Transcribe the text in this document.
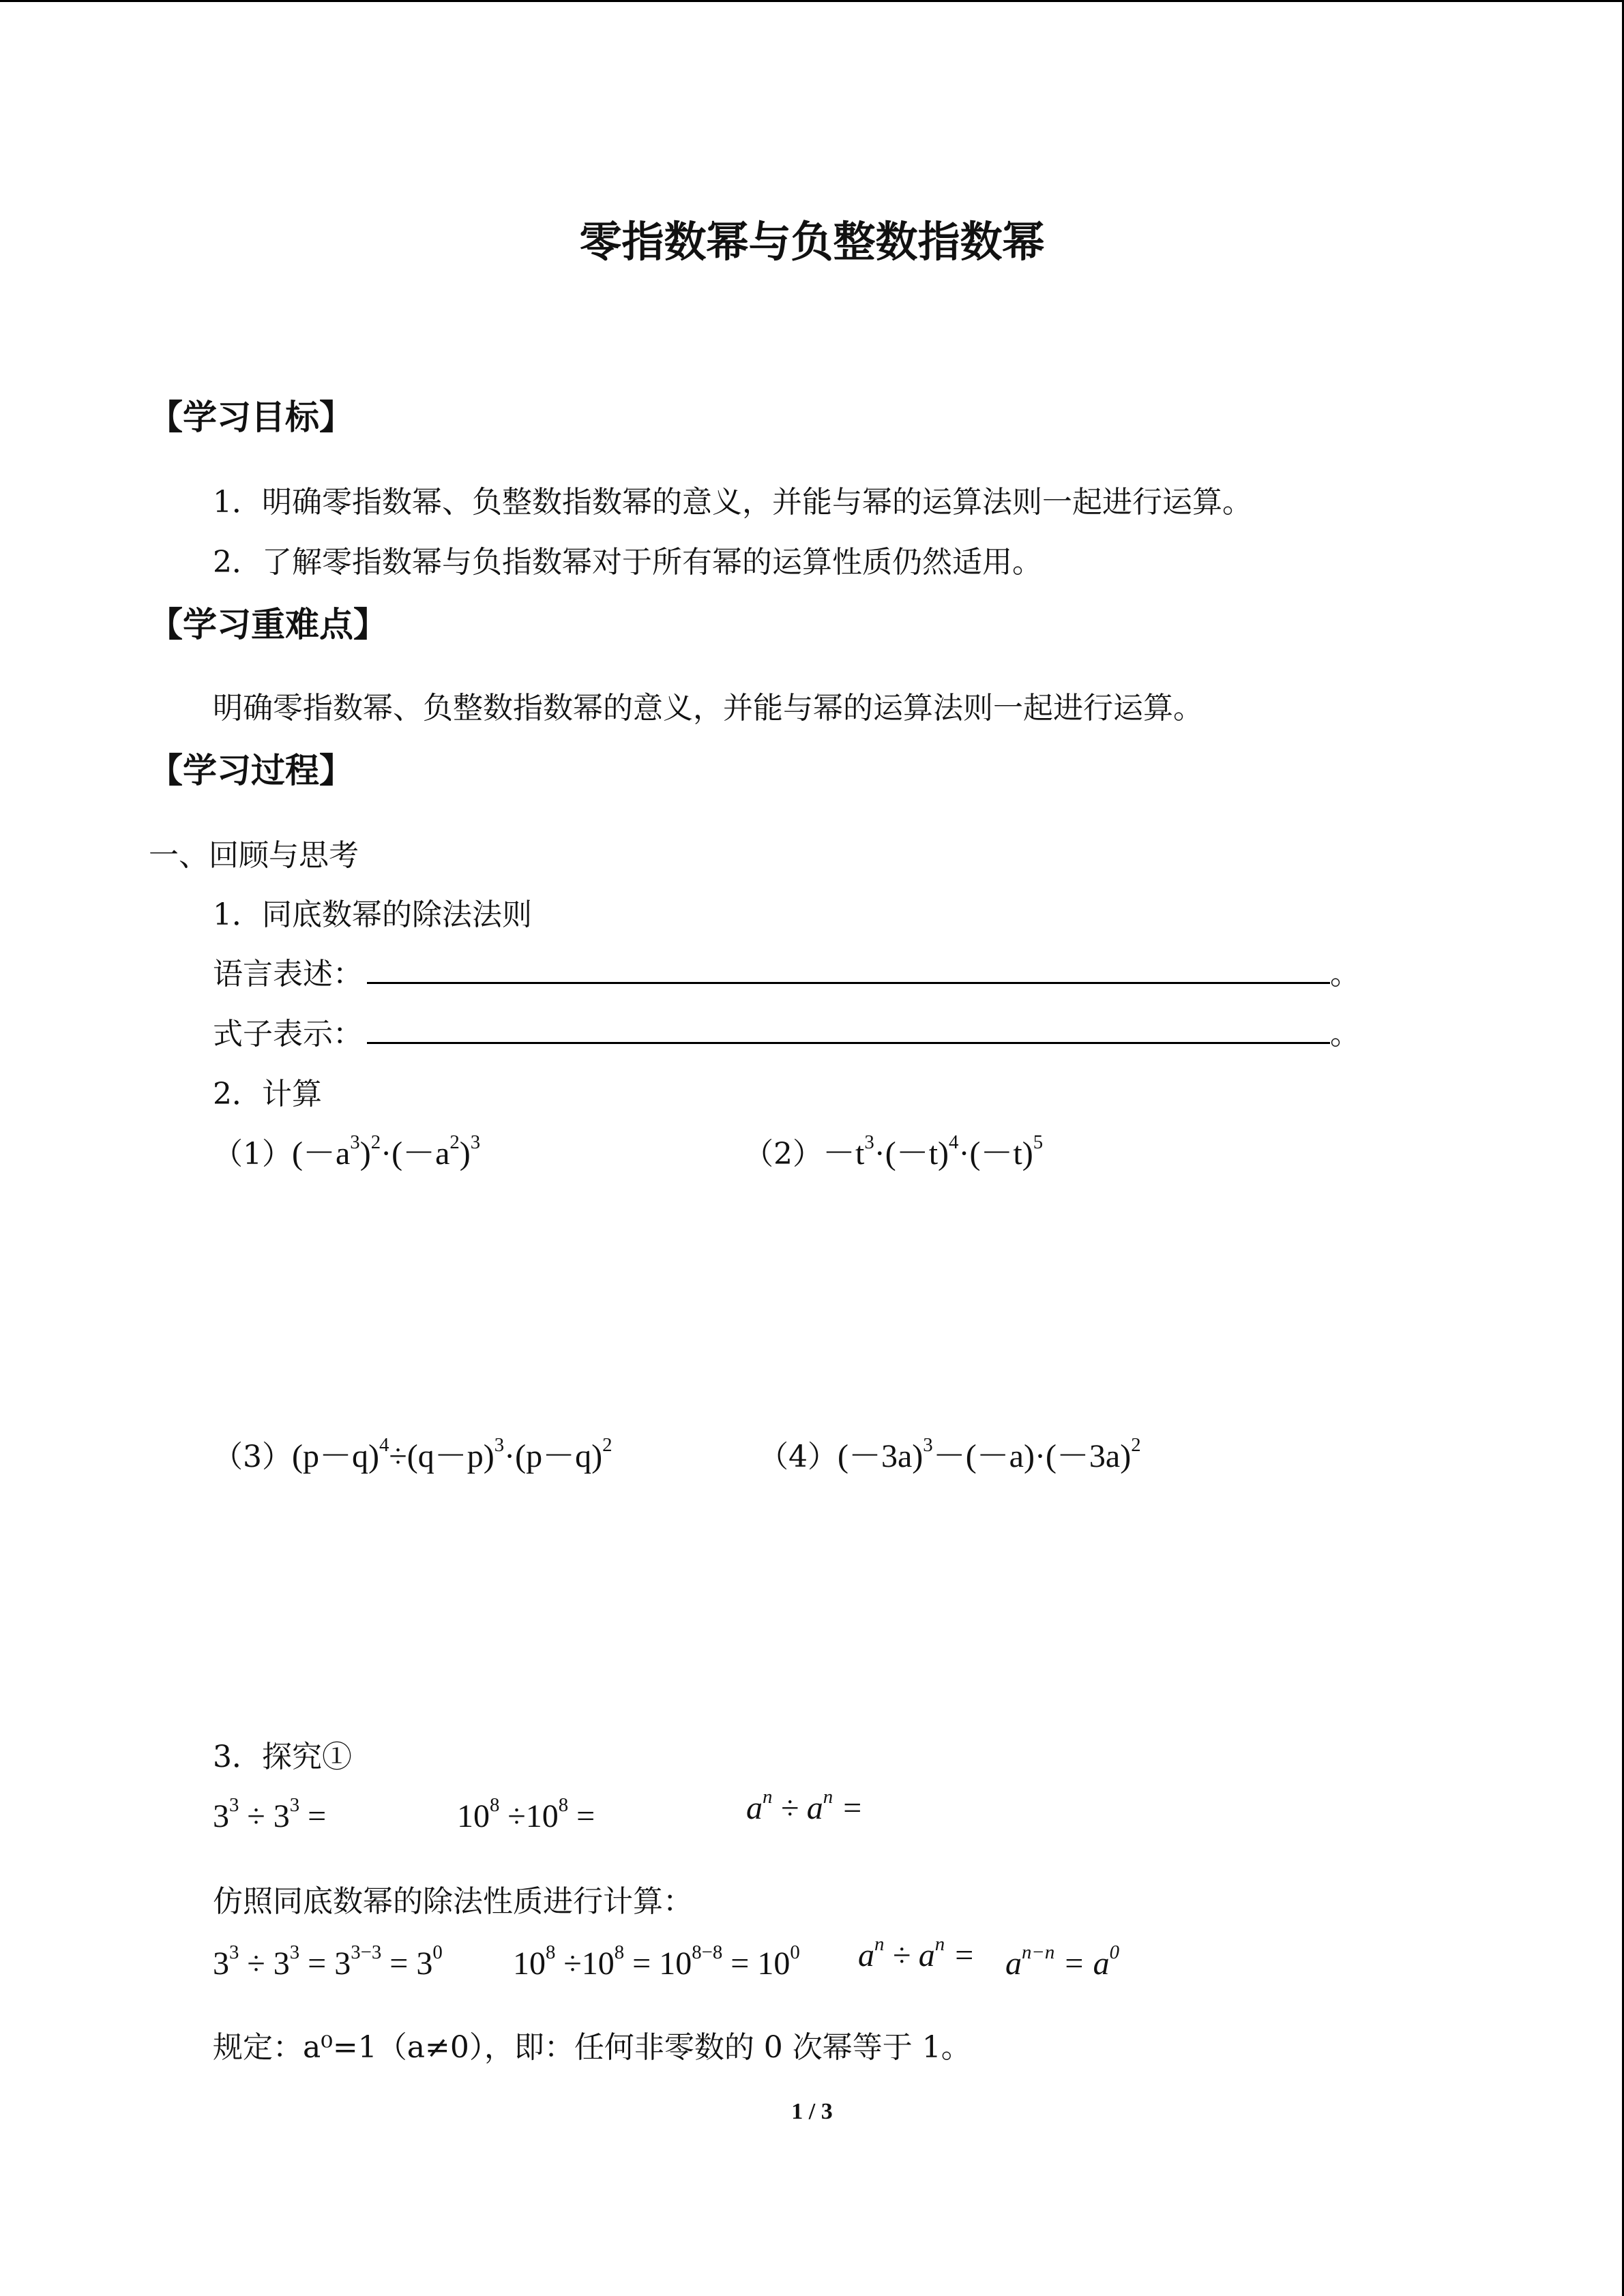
零指数幂与负整数指数幂
【学习目标】
1．明确零指数幂、负整数指数幂的意义，并能与幂的运算法则一起进行运算。
2．了解零指数幂与负指数幂对于所有幂的运算性质仍然适用。
【学习重难点】
明确零指数幂、负整数指数幂的意义，并能与幂的运算法则一起进行运算。
【学习过程】
一、回顾与思考
1．同底数幂的除法法则
语言表述：	。
式子表示：	。
2．计算
$(1)(-a^3)^2\cdot(-a^2)^3$	$(2)-t^3\cdot(-t)^4\cdot(-t)^5$
$(3)(p-q)^4\div(q-p)^3\cdot(p-q)^2$	$(4)(-3a)^3-(-a)\cdot(-3a)^2$
3．探究①
$3^3 \div 3^3$ =	$10^8 \div 10^8$ =	$a^n \div a^n$ =
仿照同底数幂的除法性质进行计算：
$3^3 \div 3^3 = 3^{3-3} = 3^0$ $10^8 \div 10^8 = 10^{8-8} = 10^0$ $a^n \div a^n = a^{n-n} = a^0$
规定：a⁰=1（a≠0），即：任何非零数的 0 次幂等于 1。
1 / 3
